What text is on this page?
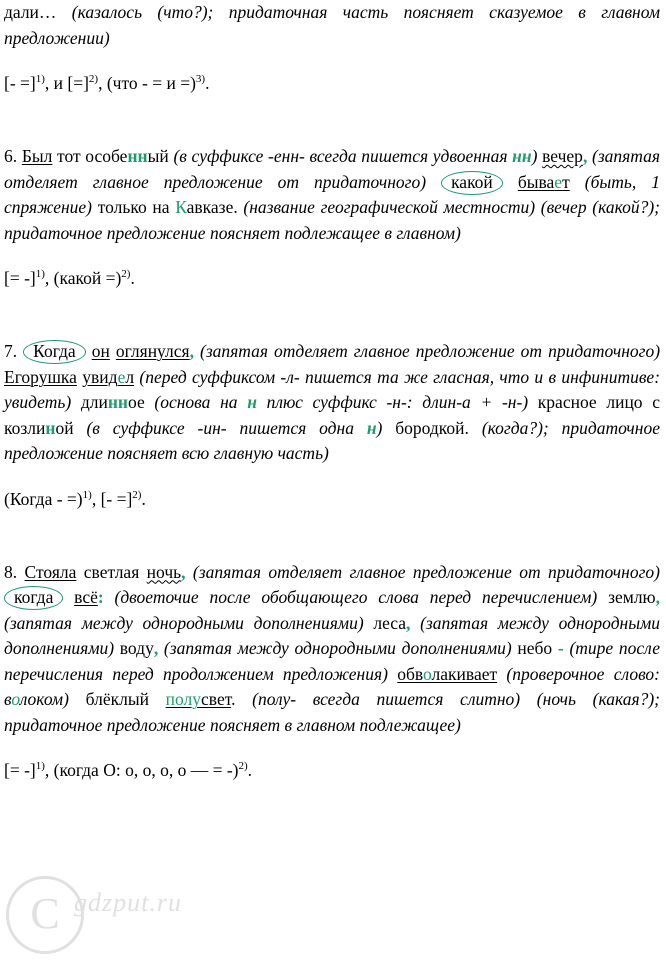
дали… (казалось (что?); придаточная часть поясняет сказуемое в главном предложении)

[- =]$^{1)}$, и [=]$^{2)}$, (что - = и =)$^{3)}$.

6. Был тот особенный (в суффиксе -енн- всегда пишется удвоенная нн) вечер, (запятая отделяет главное предложение от придаточного) какой бывает (быть, 1 спряжение) только на Кавказе. (название географической местности) (вечер (какой?); придаточное предложение поясняет подлежащее в главном)

[= -]$^{1)}$, (какой =)$^{2)}$.

7. Когда он оглянулся, (запятая отделяет главное предложение от придаточного) Егорушка увидел (перед суффиксом -л- пишется та же гласная, что и в инфинитиве: увидеть) длинное (основа на н плюс суффикс -н-: длин-а + -н-) красное лицо с козлиной (в суффиксе -ин- пишется одна н) бородкой. (когда?); придаточное предложение поясняет всю главную часть)

(Когда - =)$^{1)}$, [- =]$^{2)}$.

8. Стояла светлая ночь, (запятая отделяет главное предложение от придаточного) когда всё: (двоеточие после обобщающего слова перед перечислением) землю, (запятая между однородными дополнениями) леса, (запятая между однородными дополнениями) воду, (запятая между однородными дополнениями) небо - (тире после перечисления перед продолжением предложения) обволакивает (проверочное слово: волоком) блёклый полусвет. (полу- всегда пишется слитно) (ночь (какая?); придаточное предложение поясняет в главном подлежащее)

[= -]$^{1)}$, (когда О: о, о, о, о — = -)$^{2)}$.

C gdzput.ru
